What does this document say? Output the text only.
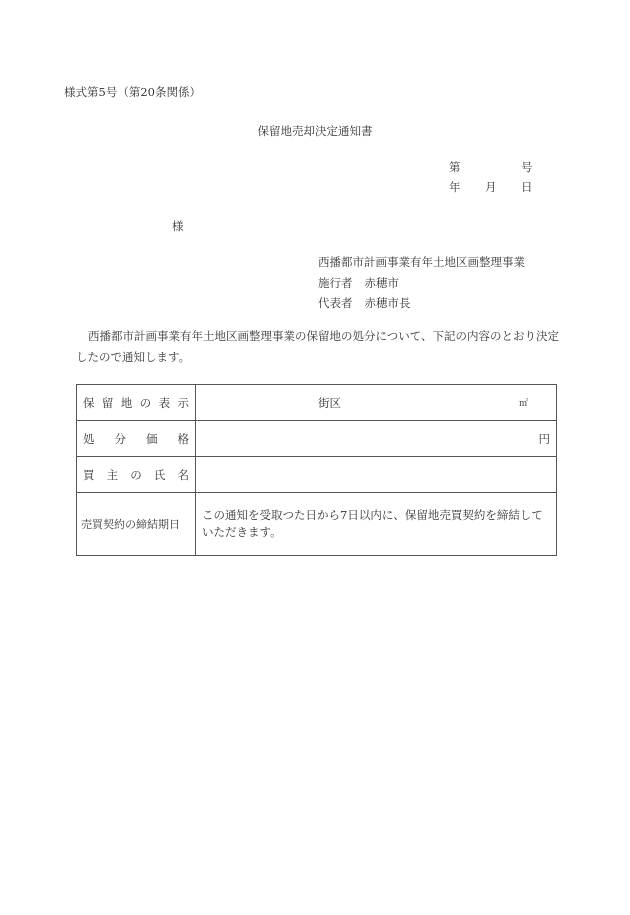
様式第5号（第20条関係）
保留地売却決定通知書
第	号
年 月 日
様
西播都市計画事業有年土地区画整理事業
施行者 赤穂市
代表者 赤穂市長
西播都市計画事業有年土地区画整理事業の保留地の処分について、下記の内容のとおり決定したので通知します。
保 留 地 の 表 示	街区	㎡

処 分 価 格	円

買 主 の 氏 名	

売買契約の締結期日	この通知を受取つた日から7日以内に、保留地売買契約を締結していただきます。
